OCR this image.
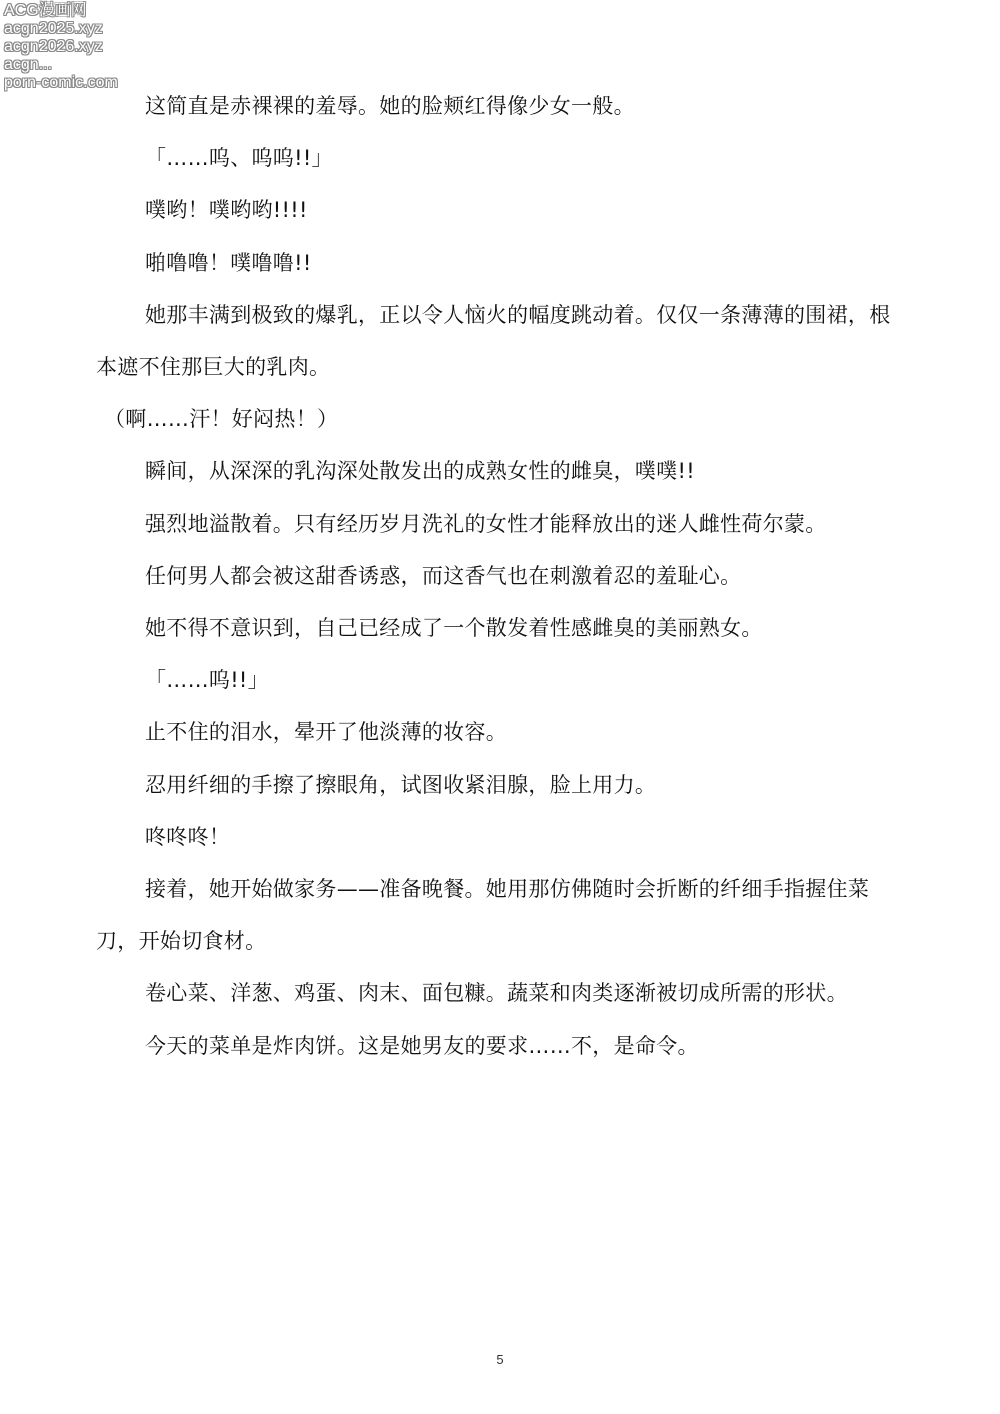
ACG漫画网
acgn2025.xyz
acgn2026.xyz
acgn...
porn-comic.com

这简直是赤裸裸的羞辱。她的脸颊红得像少女一般。

「……呜、呜呜!!」

噗哟！噗哟哟!!!!

啪噜噜！噗噜噜!!

她那丰满到极致的爆乳，正以令人恼火的幅度跳动着。仅仅一条薄薄的围裙，根本遮不住那巨大的乳肉。

（啊……汗！好闷热！）

瞬间，从深深的乳沟深处散发出的成熟女性的雌臭，噗噗!!

强烈地溢散着。只有经历岁月洗礼的女性才能释放出的迷人雌性荷尔蒙。

任何男人都会被这甜香诱惑，而这香气也在刺激着忍的羞耻心。

她不得不意识到，自己已经成了一个散发着性感雌臭的美丽熟女。

「……呜!!」

止不住的泪水，晕开了他淡薄的妆容。

忍用纤细的手擦了擦眼角，试图收紧泪腺，脸上用力。

咚咚咚！

接着，她开始做家务——准备晚餐。她用那仿佛随时会折断的纤细手指握住菜刀，开始切食材。

卷心菜、洋葱、鸡蛋、肉末、面包糠。蔬菜和肉类逐渐被切成所需的形状。

今天的菜单是炸肉饼。这是她男友的要求……不，是命令。

5
